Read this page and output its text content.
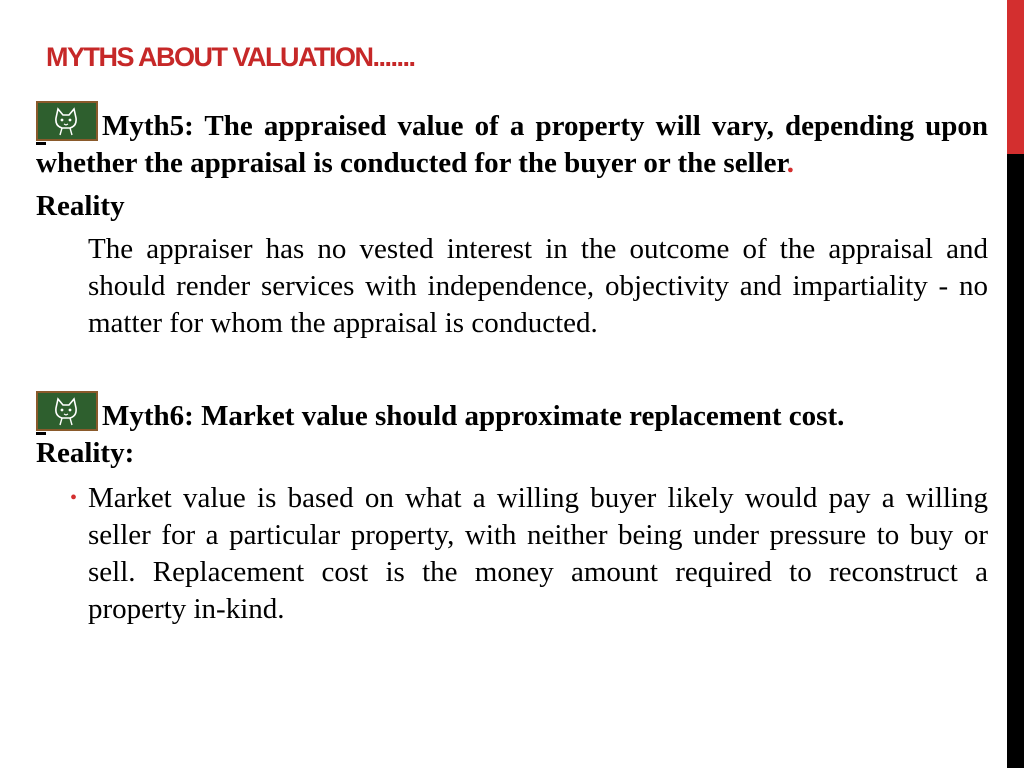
MYTHS ABOUT VALUATION.......

Myth5: The appraised value of a property will vary, depending upon whether the appraisal is conducted for the buyer or the seller.

Reality

The appraiser has no vested interest in the outcome of the appraisal and should render services with independence, objectivity and impartiality - no matter for whom the appraisal is conducted.

Myth6: Market value should approximate replacement cost.

Reality:

• Market value is based on what a willing buyer likely would pay a willing seller for a particular property, with neither being under pressure to buy or sell. Replacement cost is the money amount required to reconstruct a property in-kind.
